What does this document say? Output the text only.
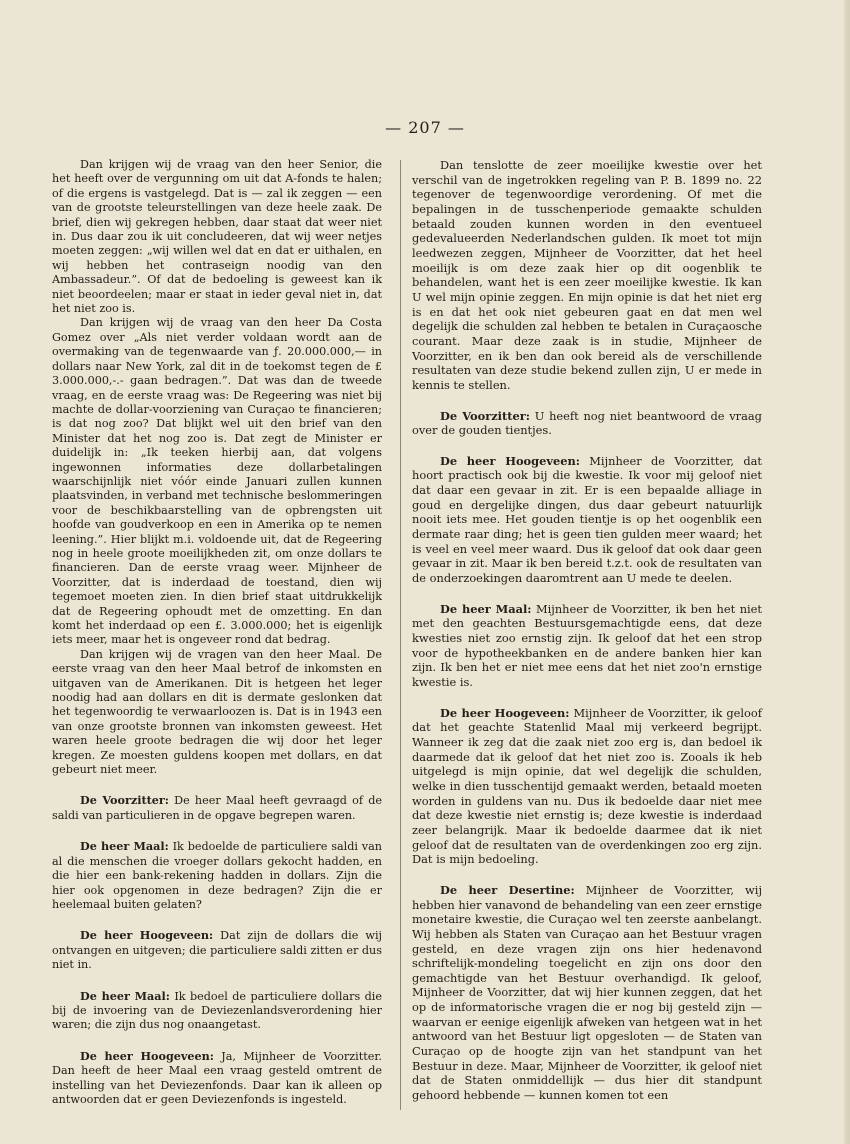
— 207 —

Dan krijgen wij de vraag van den heer Senior, die het heeft over de vergunning om uit dat A-fonds te halen; of die ergens is vastgelegd. Dat is — zal ik zeggen — een van de grootste teleurstellingen van deze heele zaak. De brief, dien wij gekregen hebben, daar staat dat weer niet in. Dus daar zou ik uit concludeeren, dat wij weer netjes moeten zeggen: „wij willen wel dat en dat er uithalen, en wij hebben het contraseign noodig van den Ambassadeur.”. Of dat de bedoeling is geweest kan ik niet beoordeelen; maar er staat in ieder geval niet in, dat het niet zoo is.

Dan krijgen wij de vraag van den heer Da Costa Gomez over „Als niet verder voldaan wordt aan de overmaking van de tegenwaarde van ƒ. 20.000.000,— in dollars naar New York, zal dit in de toekomst tegen de £ 3.000.000,-.- gaan bedragen.”. Dat was dan de tweede vraag, en de eerste vraag was: De Regeering was niet bij machte de dollar-voorziening van Curaçao te financieren; is dat nog zoo? Dat blijkt wel uit den brief van den Minister dat het nog zoo is. Dat zegt de Minister er duidelijk in: „Ik teeken hierbij aan, dat volgens ingewonnen informaties deze dollarbetalingen waarschijnlijk niet vóór einde Januari zullen kunnen plaatsvinden, in verband met technische beslommeringen voor de beschikbaarstelling van de opbrengsten uit hoofde van goudverkoop en een in Amerika op te nemen leening.”. Hier blijkt m.i. voldoende uit, dat de Regeering nog in heele groote moeilijkheden zit, om onze dollars te financieren. Dan de eerste vraag weer. Mijnheer de Voorzitter, dat is inderdaad de toestand, dien wij tegemoet moeten zien. In dien brief staat uitdrukkelijk dat de Regeering ophoudt met de omzetting. En dan komt het inderdaad op een £. 3.000.000; het is eigenlijk iets meer, maar het is ongeveer rond dat bedrag.

Dan krijgen wij de vragen van den heer Maal. De eerste vraag van den heer Maal betrof de inkomsten en uitgaven van de Amerikanen. Dit is hetgeen het leger noodig had aan dollars en dit is dermate geslonken dat het tegenwoordig te verwaarloozen is. Dat is in 1943 een van onze grootste bronnen van inkomsten geweest. Het waren heele groote bedragen die wij door het leger kregen. Ze moesten guldens koopen met dollars, en dat gebeurt niet meer.

De Voorzitter: De heer Maal heeft gevraagd of de saldi van particulieren in de opgave begrepen waren.

De heer Maal: Ik bedoelde de particuliere saldi van al die menschen die vroeger dollars gekocht hadden, en die hier een bank-rekening hadden in dollars. Zijn die hier ook opgenomen in deze bedragen? Zijn die er heelemaal buiten gelaten?

De heer Hoogeveen: Dat zijn de dollars die wij ontvangen en uitgeven; die particuliere saldi zitten er dus niet in.

De heer Maal: Ik bedoel de particuliere dollars die bij de invoering van de Deviezenlandsverordening hier waren; die zijn dus nog onaangetast.

De heer Hoogeveen: Ja, Mijnheer de Voorzitter. Dan heeft de heer Maal een vraag gesteld omtrent de instelling van het Deviezenfonds. Daar kan ik alleen op antwoorden dat er geen Deviezenfonds is ingesteld.

Dan tenslotte de zeer moeilijke kwestie over het verschil van de ingetrokken regeling van P. B. 1899 no. 22 tegenover de tegenwoordige verordening. Of met die bepalingen in de tusschenperiode gemaakte schulden betaald zouden kunnen worden in den eventueel gedevalueerden Nederlandschen gulden. Ik moet tot mijn leedwezen zeggen, Mijnheer de Voorzitter, dat het heel moeilijk is om deze zaak hier op dit oogenblik te behandelen, want het is een zeer moeilijke kwestie. Ik kan U wel mijn opinie zeggen. En mijn opinie is dat het niet erg is en dat het ook niet gebeuren gaat en dat men wel degelijk die schulden zal hebben te betalen in Curaçaosche courant. Maar deze zaak is in studie, Mijnheer de Voorzitter, en ik ben dan ook bereid als de verschillende resultaten van deze studie bekend zullen zijn, U er mede in kennis te stellen.

De Voorzitter: U heeft nog niet beantwoord de vraag over de gouden tientjes.

De heer Hoogeveen: Mijnheer de Voorzitter, dat hoort practisch ook bij die kwestie. Ik voor mij geloof niet dat daar een gevaar in zit. Er is een bepaalde alliage in goud en dergelijke dingen, dus daar gebeurt natuurlijk nooit iets mee. Het gouden tientje is op het oogenblik een dermate raar ding; het is geen tien gulden meer waard; het is veel en veel meer waard. Dus ik geloof dat ook daar geen gevaar in zit. Maar ik ben bereid t.z.t. ook de resultaten van de onderzoekingen daaromtrent aan U mede te deelen.

De heer Maal: Mijnheer de Voorzitter, ik ben het niet met den geachten Bestuursgemachtigde eens, dat deze kwesties niet zoo ernstig zijn. Ik geloof dat het een strop voor de hypotheekbanken en de andere banken hier kan zijn. Ik ben het er niet mee eens dat het niet zoo'n ernstige kwestie is.

De heer Hoogeveen: Mijnheer de Voorzitter, ik geloof dat het geachte Statenlid Maal mij verkeerd begrijpt. Wanneer ik zeg dat die zaak niet zoo erg is, dan bedoel ik daarmede dat ik geloof dat het niet zoo is. Zooals ik heb uitgelegd is mijn opinie, dat wel degelijk die schulden, welke in dien tusschentijd gemaakt werden, betaald moeten worden in guldens van nu. Dus ik bedoelde daar niet mee dat deze kwestie niet ernstig is; deze kwestie is inderdaad zeer belangrijk. Maar ik bedoelde daarmee dat ik niet geloof dat de resultaten van de overdenkingen zoo erg zijn. Dat is mijn bedoeling.

De heer Desertine: Mijnheer de Voorzitter, wij hebben hier vanavond de behandeling van een zeer ernstige monetaire kwestie, die Curaçao wel ten zeerste aanbelangt. Wij hebben als Staten van Curaçao aan het Bestuur vragen gesteld, en deze vragen zijn ons hier hedenavond schriftelijk-mondeling toegelicht en zijn ons door den gemachtigde van het Bestuur overhandigd. Ik geloof, Mijnheer de Voorzitter, dat wij hier kunnen zeggen, dat het op de informatorische vragen die er nog bij gesteld zijn — waarvan er eenige eigenlijk afweken van hetgeen wat in het antwoord van het Bestuur ligt opgesloten — de Staten van Curaçao op de hoogte zijn van het standpunt van het Bestuur in deze. Maar, Mijnheer de Voorzitter, ik geloof niet dat de Staten onmiddellijk — dus hier dit standpunt gehoord hebbende — kunnen komen tot een
